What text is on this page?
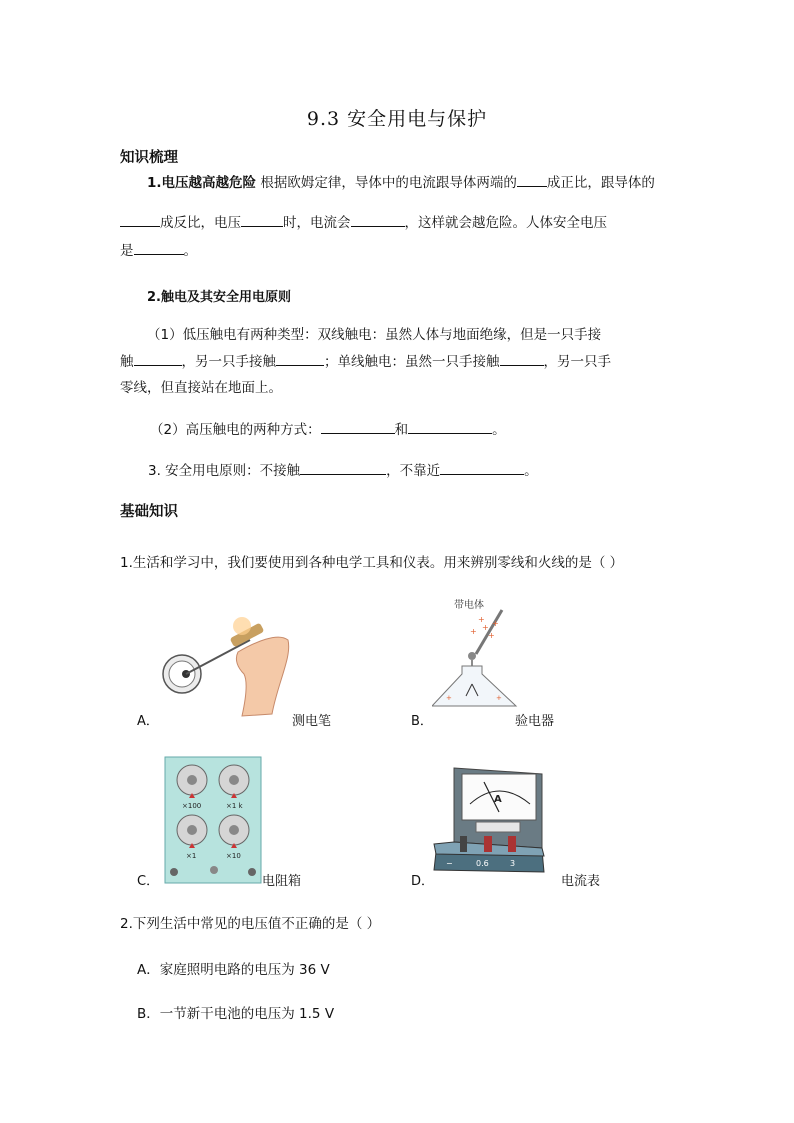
9.3 安全用电与保护
知识梳理
1.电压越高越危险 根据欧姆定律，导体中的电流跟导体两端的 成正比，跟导体的
成反比，电压	时，电流会	，这样就会越危险。人体安全电压
是	。
2.触电及其安全用电原则
（1）低压触电有两种类型：双线触电：虽然人体与地面绝缘，但是一只手接
触	，另一只手接触	；单线触电：虽然一只手接触	，另一只手
零线，但直接站在地面上。
（2）高压触电的两种方式：	和	。
3. 安全用电原则：不接触	，不靠近	。
基础知识
1.生活和学习中，我们要使用到各种电学工具和仪表。用来辨别零线和火线的是（ ）
A．	测电笔
带电体
+ +
+
+
+
+	+
B．	验电器
×100	×1 k
×1	×10
C．	电阻箱
A
−	0.6	3
D．	电流表
2.下列生活中常见的电压值不正确的是（ ）
A．家庭照明电路的电压为 36 V
B．一节新干电池的电压为 1.5 V
